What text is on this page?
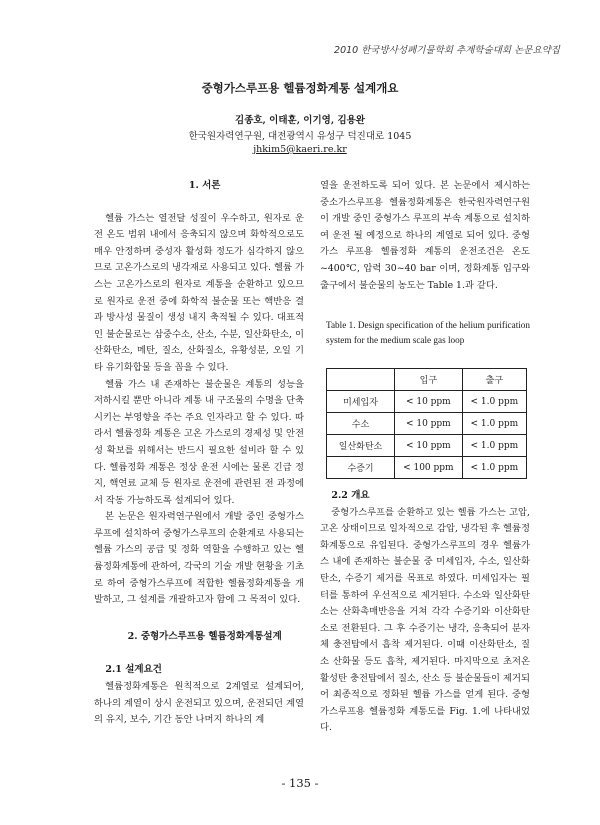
2010 한국방사성폐기물학회 추계학술대회 논문요약집
중형가스루프용 헬륨정화계통 설계개요
김종호, 이태훈, 이기영, 김용완
한국원자력연구원, 대전광역시 유성구 덕진대로 1045
jhkim5@kaeri.re.kr

1. 서론

헬륨 가스는 열전달 성질이 우수하고, 원자로 운전 온도 범위 내에서 응축되지 않으며 화학적으로도 매우 안정하며 중성자 활성화 정도가 심각하지 않으므로 고온가스로의 냉각재로 사용되고 있다. 헬륨 가스는 고온가스로의 원자로 계통을 순환하고 있으므로 원자로 운전 중에 화학적 불순물 또는 핵반응 결과 방사성 물질이 생성 내지 축적될 수 있다. 대표적인 불순물로는 삼중수소, 산소, 수분, 일산화탄소, 이산화탄소, 메탄, 질소, 산화질소, 유황성분, 오일 기타 유기화합물 등을 꼽을 수 있다.

헬륨 가스 내 존재하는 불순물은 계통의 성능을 저하시킬 뿐만 아니라 계통 내 구조물의 수명을 단축시키는 부영향을 주는 주요 인자라고 할 수 있다. 따라서 헬륨정화 계통은 고온 가스로의 경제성 및 안전성 확보를 위해서는 반드시 필요한 설비라 할 수 있다. 헬륨정화 계통은 정상 운전 시에는 물론 긴급 정지, 핵연료 교체 등 원자로 운전에 관련된 전 과정에서 작동 가능하도록 설계되어 있다.

본 논문은 원자력연구원에서 개발 중인 중형가스루프에 설치하여 중형가스루프의 순환계로 사용되는 헬륨 가스의 공급 및 정화 역할을 수행하고 있는 헬륨정화계통에 관하여, 각국의 기술 개발 현황을 기초로 하여 중형가스루프에 적합한 헬륨정화계통을 개발하고, 그 설계를 개괄하고자 함에 그 목적이 있다.

2. 중형가스루프용 헬륨정화계통설계

2.1 설계요건

헬륨정화계통은 원칙적으로 2계열로 설계되어, 하나의 계열이 상시 운전되고 있으며, 운전되던 계열의 유지, 보수, 기간 동안 나머지 하나의 계

열을 운전하도록 되어 있다. 본 논문에서 제시하는 중소가스루프용 헬륨정화계통은 한국원자력연구원이 개발 중인 중형가스 루프의 부속 계통으로 설치하여 운전 될 예정으로 하나의 계열로 되어 있다. 중형가스 루프용 헬륨정화 계통의 운전조건은 온도 ~400℃, 압력 30~40 bar 이며, 정화계통 입구와 출구에서 불순물의 농도는 Table 1.과 같다.

Table 1. Design specification of the helium purification system for the medium scale gas loop

	입구	출구
미세입자	< 10 ppm	< 1.0 ppm
수소	< 10 ppm	< 1.0 ppm
일산화탄소	< 10 ppm	< 1.0 ppm
수증기	< 100 ppm	< 1.0 ppm

2.2 개요

중형가스루프를 순환하고 있는 헬륨 가스는 고압, 고온 상태이므로 일차적으로 감압, 냉각된 후 헬륨정화계통으로 유입된다. 중형가스루프의 경우 헬륨가스 내에 존재하는 불순물 중 미세입자, 수소, 일산화탄소, 수증기 제거를 목표로 하였다. 미세입자는 필터를 통하여 우선적으로 제거된다. 수소와 일산화탄소는 산화촉매반응을 거쳐 각각 수증기와 이산화탄소로 전환된다. 그 후 수증기는 냉각, 응축되어 분자체 충전탑에서 흡착 제거된다. 이때 이산화탄소, 질소 산화물 등도 흡착, 제거된다. 마지막으로 초저온 활성탄 충전탑에서 질소, 산소 등 불순물들이 제거되어 최종적으로 정화된 헬륨 가스를 얻게 된다. 중형가스루프용 헬륨정화 계통도를 Fig. 1.에 나타내었다.

- 135 -
